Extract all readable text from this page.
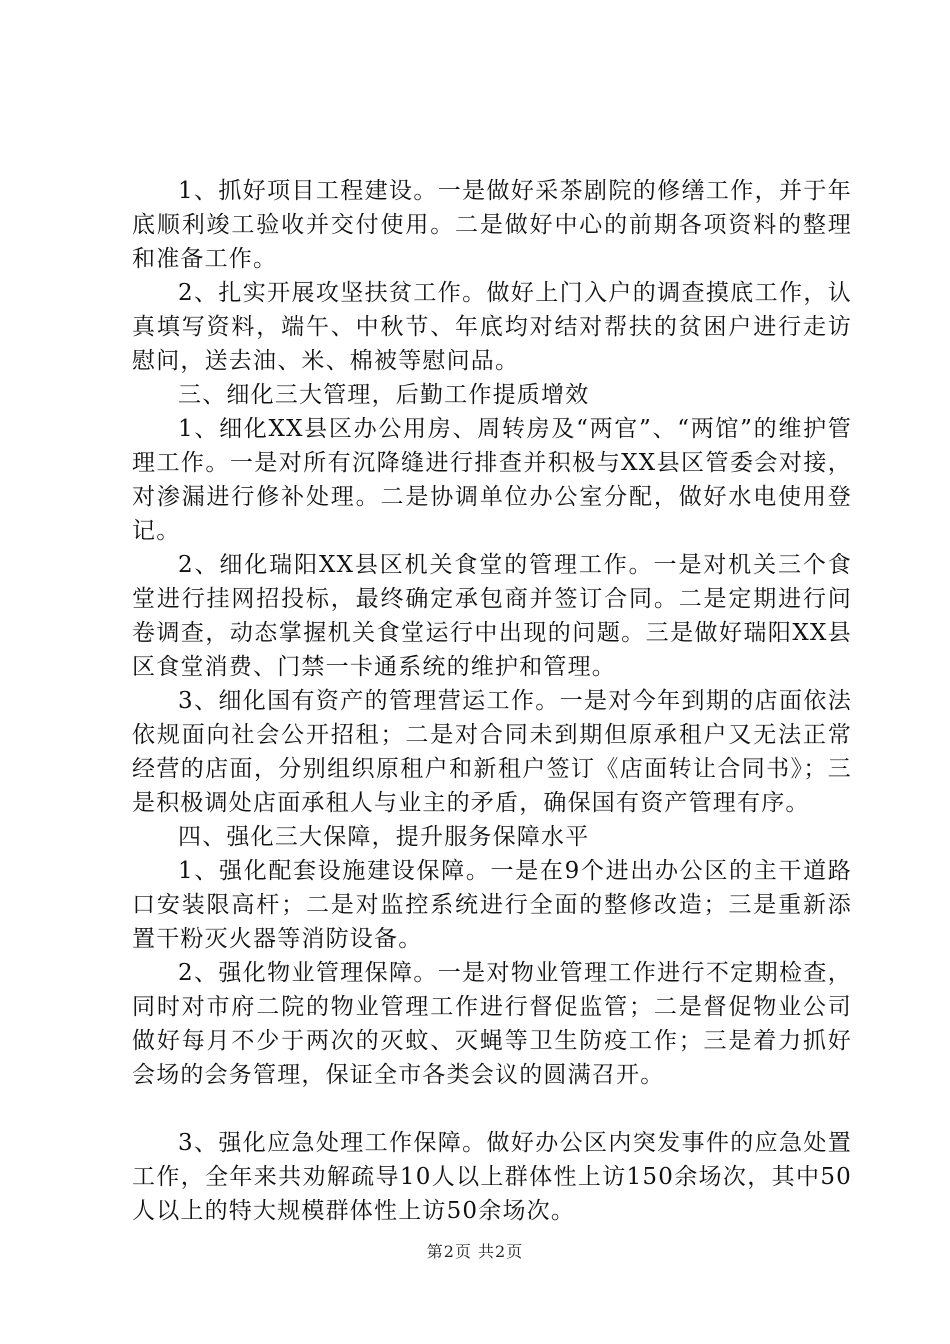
1、抓好项目工程建设。一是做好采茶剧院的修缮工作，并于年底顺利竣工验收并交付使用。二是做好中心的前期各项资料的整理和准备工作。

2、扎实开展攻坚扶贫工作。做好上门入户的调查摸底工作，认真填写资料，端午、中秋节、年底均对结对帮扶的贫困户进行走访慰问，送去油、米、棉被等慰问品。

三、细化三大管理，后勤工作提质增效

1、细化XX县区办公用房、周转房及“两官”、“两馆”的维护管理工作。一是对所有沉降缝进行排查并积极与XX县区管委会对接，对渗漏进行修补处理。二是协调单位办公室分配，做好水电使用登记。

2、细化瑞阳XX县区机关食堂的管理工作。一是对机关三个食堂进行挂网招投标，最终确定承包商并签订合同。二是定期进行问卷调查，动态掌握机关食堂运行中出现的问题。三是做好瑞阳XX县区食堂消费、门禁一卡通系统的维护和管理。

3、细化国有资产的管理营运工作。一是对今年到期的店面依法依规面向社会公开招租；二是对合同未到期但原承租户又无法正常经营的店面，分别组织原租户和新租户签订《店面转让合同书》；三是积极调处店面承租人与业主的矛盾，确保国有资产管理有序。

四、强化三大保障，提升服务保障水平

1、强化配套设施建设保障。一是在9个进出办公区的主干道路口安装限高杆；二是对监控系统进行全面的整修改造；三是重新添置干粉灭火器等消防设备。

2、强化物业管理保障。一是对物业管理工作进行不定期检查，同时对市府二院的物业管理工作进行督促监管；二是督促物业公司做好每月不少于两次的灭蚊、灭蝇等卫生防疫工作；三是着力抓好会场的会务管理，保证全市各类会议的圆满召开。

3、强化应急处理工作保障。做好办公区内突发事件的应急处置工作，全年来共劝解疏导10人以上群体性上访150余场次，其中50人以上的特大规模群体性上访50余场次。

第2页 共2页
